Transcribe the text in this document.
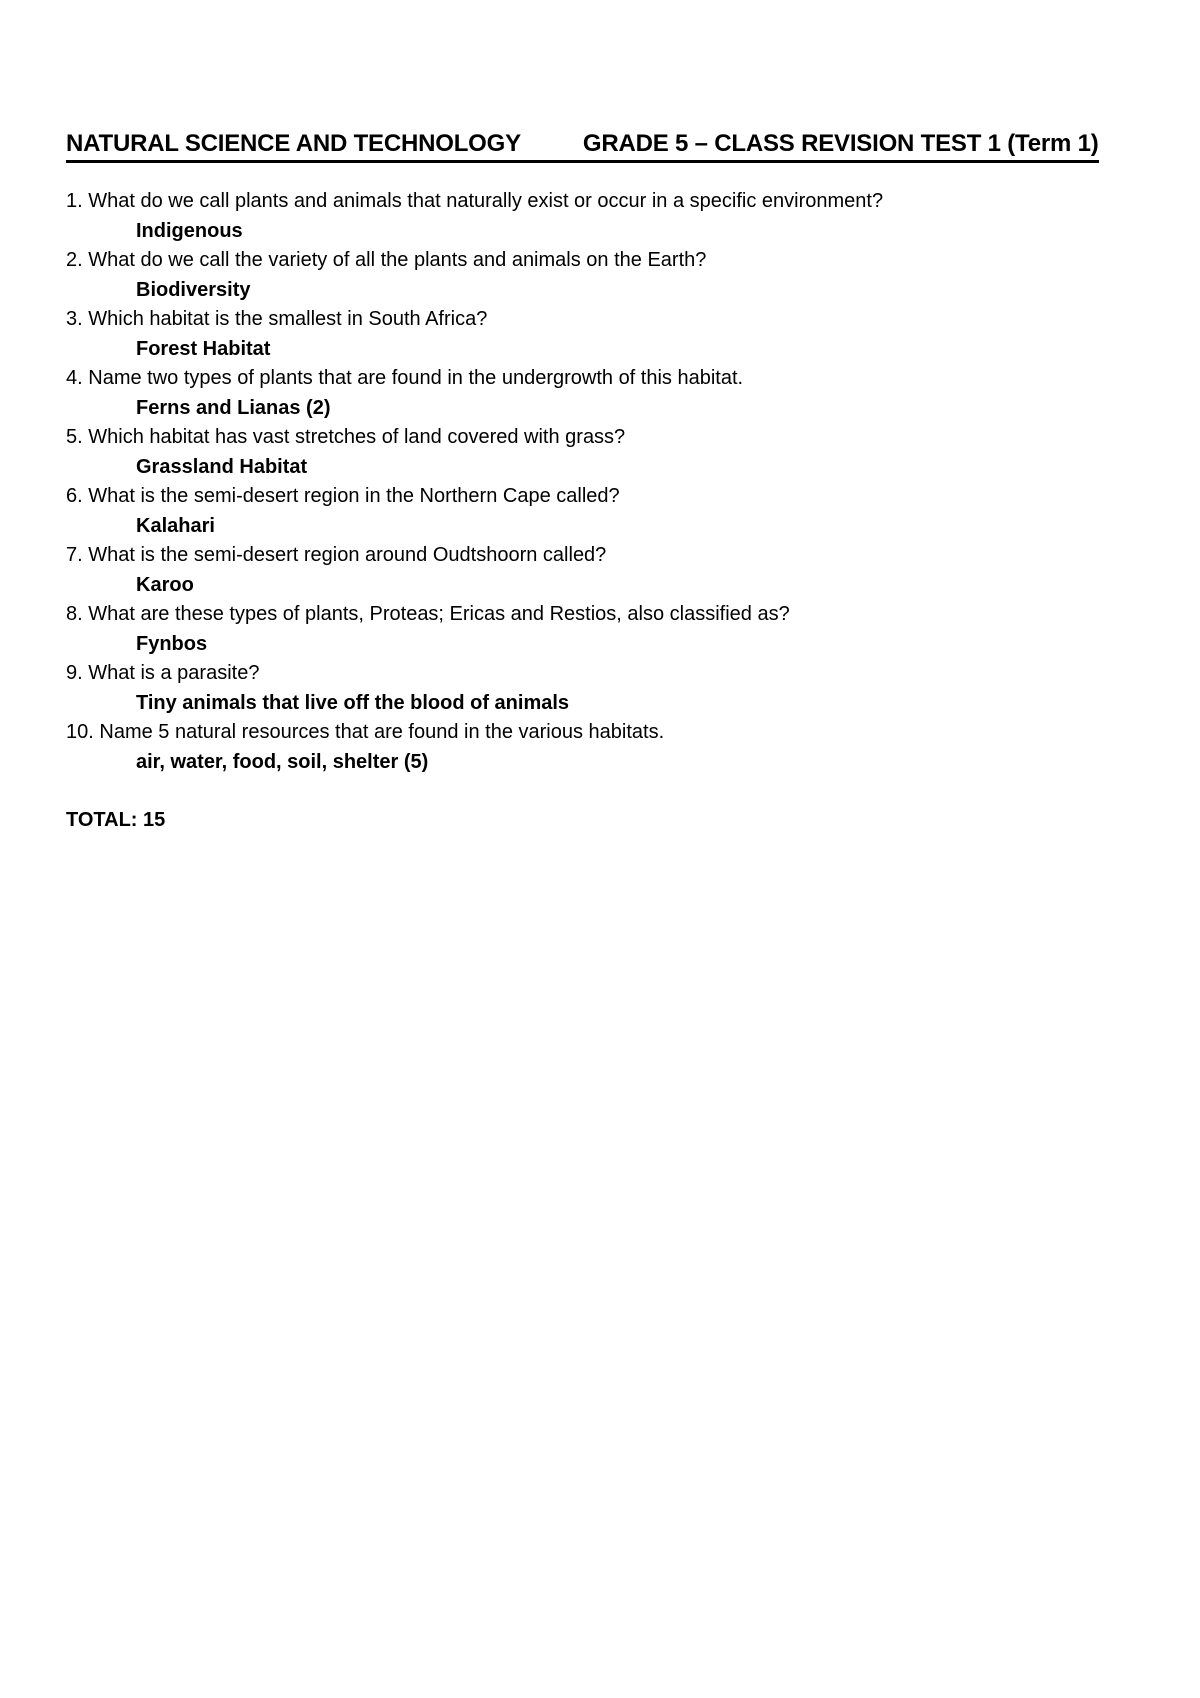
NATURAL SCIENCE AND TECHNOLOGY	GRADE 5 – CLASS REVISION TEST 1 (Term 1)
1. What do we call plants and animals that naturally exist or occur in a specific environment?
Indigenous
2. What do we call the variety of all the plants and animals on the Earth?
Biodiversity
3. Which habitat is the smallest in South Africa?
Forest Habitat
4. Name two types of plants that are found in the undergrowth of this habitat.
Ferns and Lianas (2)
5. Which habitat has vast stretches of land covered with grass?
Grassland Habitat
6. What is the semi-desert region in the Northern Cape called?
Kalahari
7. What is the semi-desert region around Oudtshoorn called?
Karoo
8. What are these types of plants, Proteas; Ericas and Restios, also classified as?
Fynbos
9. What is a parasite?
Tiny animals that live off the blood of animals
10. Name 5 natural resources that are found in the various habitats.
air, water, food, soil, shelter (5)
TOTAL: 15
